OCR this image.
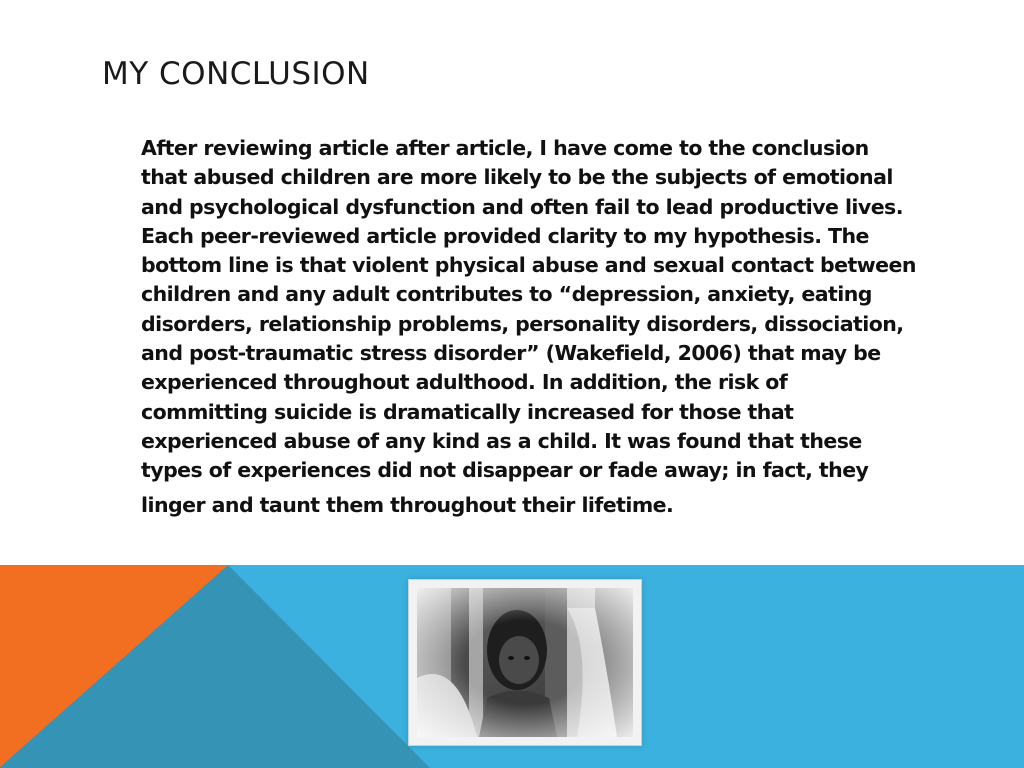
MY CONCLUSION
After reviewing article after article, I have come to the conclusion
that abused children are more likely to be the subjects of emotional
and psychological dysfunction and often fail to lead productive lives.
Each peer-reviewed article provided clarity to my hypothesis. The
bottom line is that violent physical abuse and sexual contact between
children and any adult contributes to “depression, anxiety, eating
disorders, relationship problems, personality disorders, dissociation,
and post-traumatic stress disorder” (Wakefield, 2006) that may be
experienced throughout adulthood. In addition, the risk of
committing suicide is dramatically increased for those that
experienced abuse of any kind as a child. It was found that these
types of experiences did not disappear or fade away; in fact, they
linger and taunt them throughout their lifetime.
